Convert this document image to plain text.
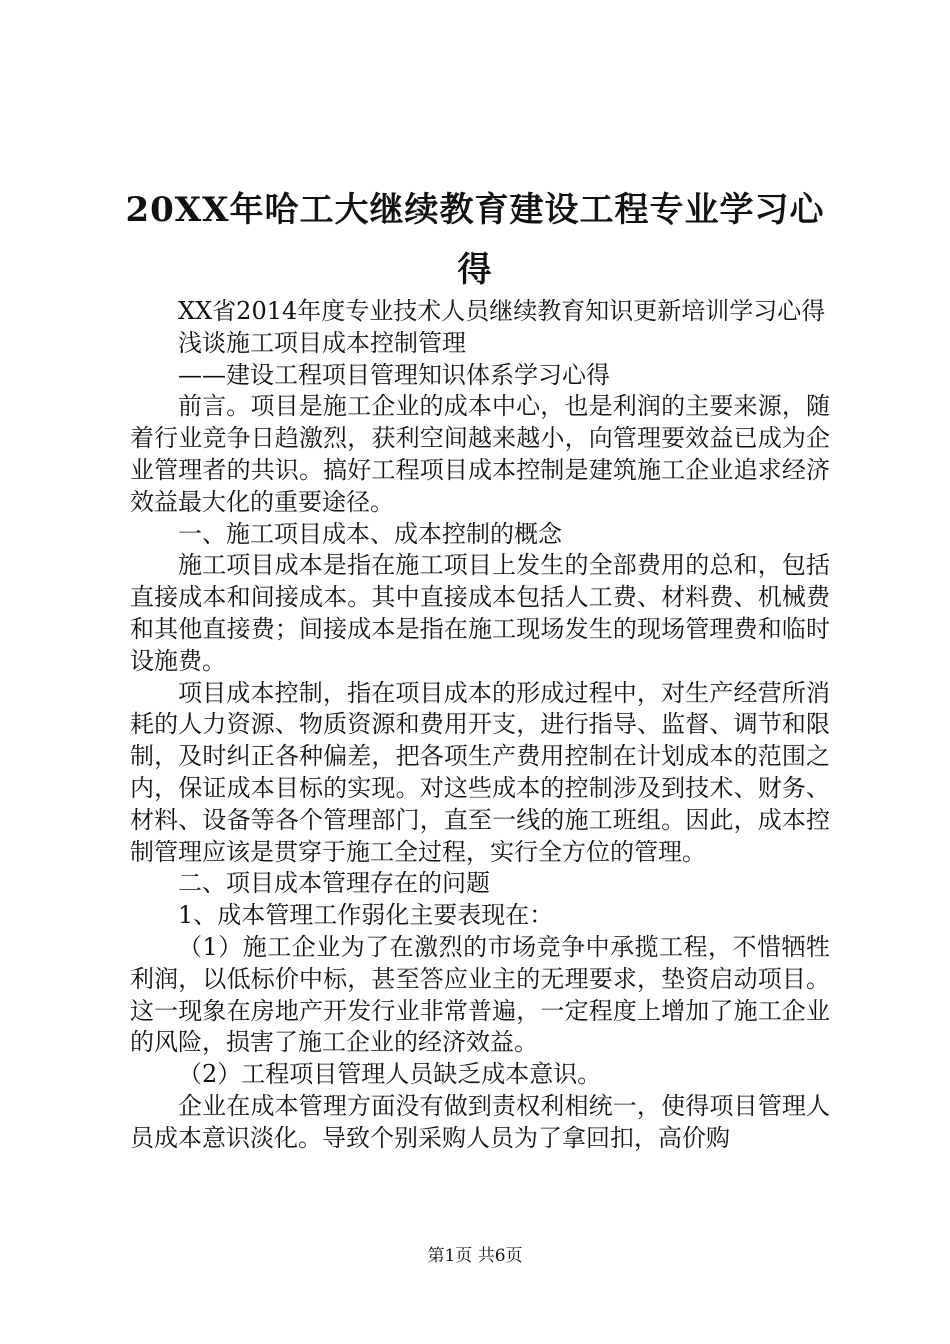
20XX年哈工大继续教育建设工程专业学习心得

XX省2014年度专业技术人员继续教育知识更新培训学习心得

浅谈施工项目成本控制管理

——建设工程项目管理知识体系学习心得

前言。项目是施工企业的成本中心，也是利润的主要来源，随着行业竞争日趋激烈，获利空间越来越小，向管理要效益已成为企业管理者的共识。搞好工程项目成本控制是建筑施工企业追求经济效益最大化的重要途径。

一、施工项目成本、成本控制的概念

施工项目成本是指在施工项目上发生的全部费用的总和，包括直接成本和间接成本。其中直接成本包括人工费、材料费、机械费和其他直接费；间接成本是指在施工现场发生的现场管理费和临时设施费。

项目成本控制，指在项目成本的形成过程中，对生产经营所消耗的人力资源、物质资源和费用开支，进行指导、监督、调节和限制，及时纠正各种偏差，把各项生产费用控制在计划成本的范围之内，保证成本目标的实现。对这些成本的控制涉及到技术、财务、材料、设备等各个管理部门，直至一线的施工班组。因此，成本控制管理应该是贯穿于施工全过程，实行全方位的管理。

二、项目成本管理存在的问题

1、成本管理工作弱化主要表现在：

（1）施工企业为了在激烈的市场竞争中承揽工程，不惜牺牲利润，以低标价中标，甚至答应业主的无理要求，垫资启动项目。这一现象在房地产开发行业非常普遍，一定程度上增加了施工企业的风险，损害了施工企业的经济效益。

（2）工程项目管理人员缺乏成本意识。

企业在成本管理方面没有做到责权利相统一，使得项目管理人员成本意识淡化。导致个别采购人员为了拿回扣，高价购

第1页 共6页
